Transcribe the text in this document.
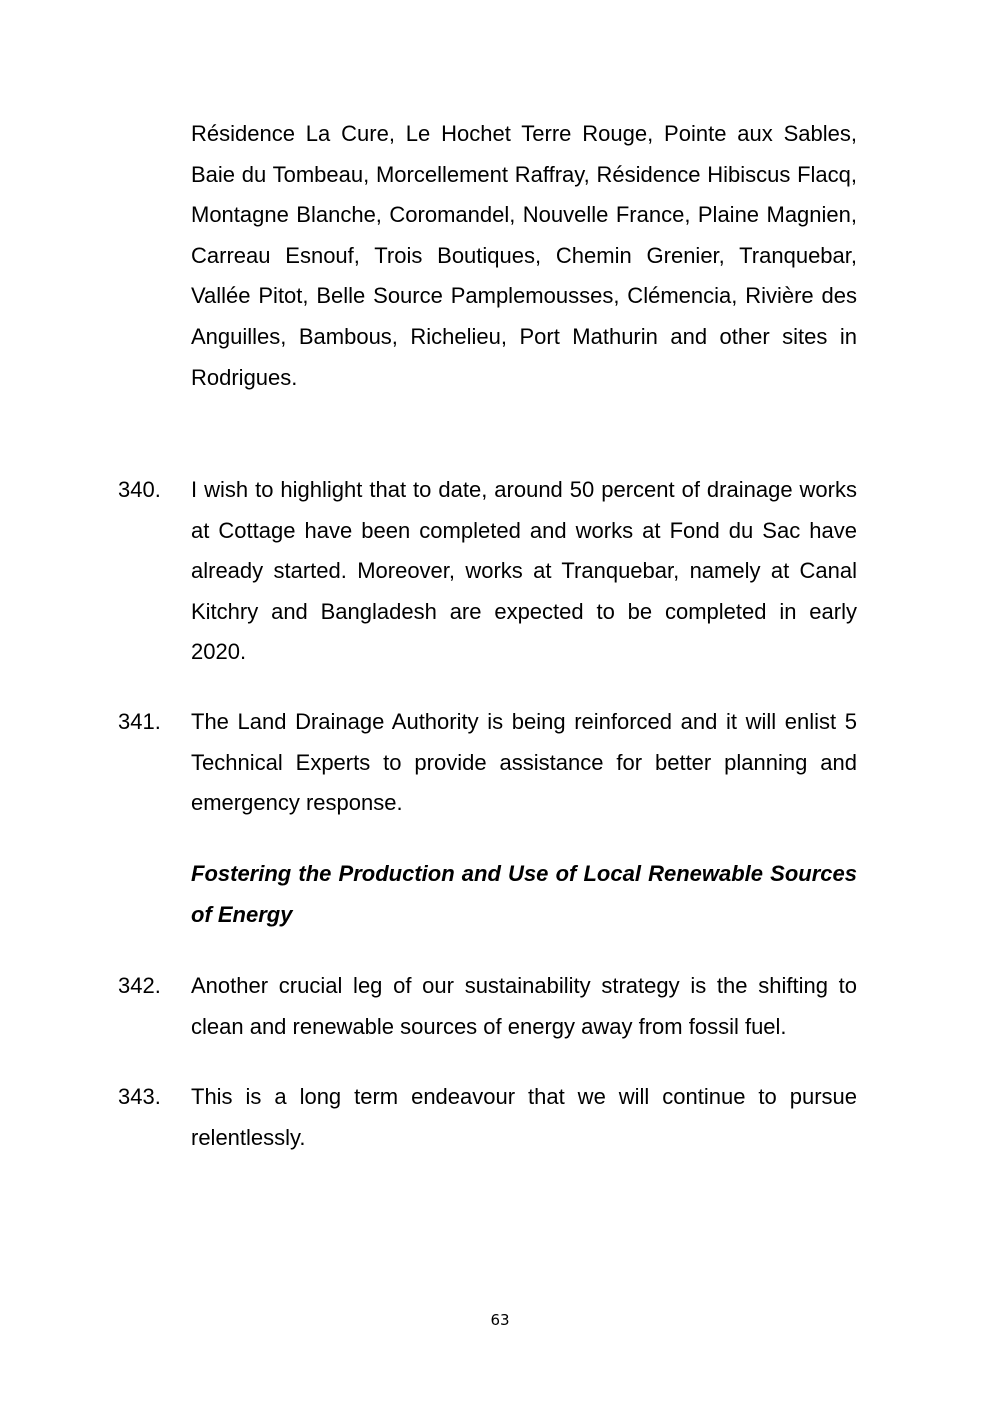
Résidence La Cure, Le Hochet Terre Rouge, Pointe aux Sables, Baie du Tombeau, Morcellement Raffray, Résidence Hibiscus Flacq, Montagne Blanche, Coromandel, Nouvelle France, Plaine Magnien, Carreau Esnouf, Trois Boutiques, Chemin Grenier, Tranquebar, Vallée Pitot, Belle Source Pamplemousses, Clémencia, Rivière des Anguilles, Bambous, Richelieu, Port Mathurin and other sites in Rodrigues.

340. I wish to highlight that to date, around 50 percent of drainage works at Cottage have been completed and works at Fond du Sac have already started. Moreover, works at Tranquebar, namely at Canal Kitchry and Bangladesh are expected to be completed in early 2020.

341. The Land Drainage Authority is being reinforced and it will enlist 5 Technical Experts to provide assistance for better planning and emergency response.

Fostering the Production and Use of Local Renewable Sources of Energy

342. Another crucial leg of our sustainability strategy is the shifting to clean and renewable sources of energy away from fossil fuel.

343. This is a long term endeavour that we will continue to pursue relentlessly.

63
